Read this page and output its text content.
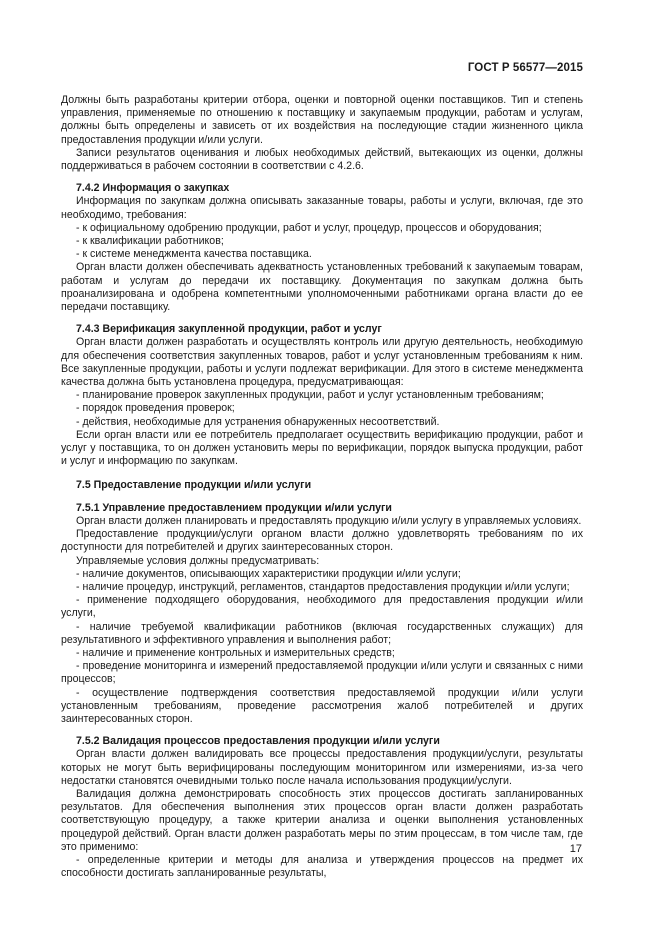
ГОСТ Р 56577—2015

Должны быть разработаны критерии отбора, оценки и повторной оценки поставщиков. Тип и степень управления, применяемые по отношению к поставщику и закупаемым продукции, работам и услугам, должны быть определены и зависеть от их воздействия на последующие стадии жизненного цикла предоставления продукции и/или услуги.

Записи результатов оценивания и любых необходимых действий, вытекающих из оценки, должны поддерживаться в рабочем состоянии в соответствии с 4.2.6.

7.4.2 Информация о закупках

Информация по закупкам должна описывать заказанные товары, работы и услуги, включая, где это необходимо, требования:

- к официальному одобрению продукции, работ и услуг, процедур, процессов и оборудования;

- к квалификации работников;

- к системе менеджмента качества поставщика.

Орган власти должен обеспечивать адекватность установленных требований к закупаемым товарам, работам и услугам до передачи их поставщику. Документация по закупкам должна быть проанализирована и одобрена компетентными уполномоченными работниками органа власти до ее передачи поставщику.

7.4.3 Верификация закупленной продукции, работ и услуг

Орган власти должен разработать и осуществлять контроль или другую деятельность, необходимую для обеспечения соответствия закупленных товаров, работ и услуг установленным требованиям к ним. Все закупленные продукции, работы и услуги подлежат верификации. Для этого в системе менеджмента качества должна быть установлена процедура, предусматривающая:

- планирование проверок закупленных продукции, работ и услуг установленным требованиям;

- порядок проведения проверок;

- действия, необходимые для устранения обнаруженных несоответствий.

Если орган власти или ее потребитель предполагает осуществить верификацию продукции, работ и услуг у поставщика, то он должен установить меры по верификации, порядок выпуска продукции, работ и услуг и информацию по закупкам.

7.5 Предоставление продукции и/или услуги

7.5.1 Управление предоставлением продукции и/или услуги

Орган власти должен планировать и предоставлять продукцию и/или услугу в управляемых условиях.

Предоставление продукции/услуги органом власти должно удовлетворять требованиям по их доступности для потребителей и других заинтересованных сторон.

Управляемые условия должны предусматривать:

- наличие документов, описывающих характеристики продукции и/или услуги;

- наличие процедур, инструкций, регламентов, стандартов предоставления продукции и/или услуги;

- применение подходящего оборудования, необходимого для предоставления продукции и/или услуги,

- наличие требуемой квалификации работников (включая государственных служащих) для результативного и эффективного управления и выполнения работ;

- наличие и применение контрольных и измерительных средств;

- проведение мониторинга и измерений предоставляемой продукции и/или услуги и связанных с ними процессов;

- осуществление подтверждения соответствия предоставляемой продукции и/или услуги установленным требованиям, проведение рассмотрения жалоб потребителей и других заинтересованных сторон.

7.5.2 Валидация процессов предоставления продукции и/или услуги

Орган власти должен валидировать все процессы предоставления продукции/услуги, результаты которых не могут быть верифицированы последующим мониторингом или измерениями, из-за чего недостатки становятся очевидными только после начала использования продукции/услуги.

Валидация должна демонстрировать способность этих процессов достигать запланированных результатов. Для обеспечения выполнения этих процессов орган власти должен разработать соответствующую процедуру, а также критерии анализа и оценки выполнения установленных процедурой действий. Орган власти должен разработать меры по этим процессам, в том числе там, где это применимо:

- определенные критерии и методы для анализа и утверждения процессов на предмет их способности достигать запланированные результаты,

17
